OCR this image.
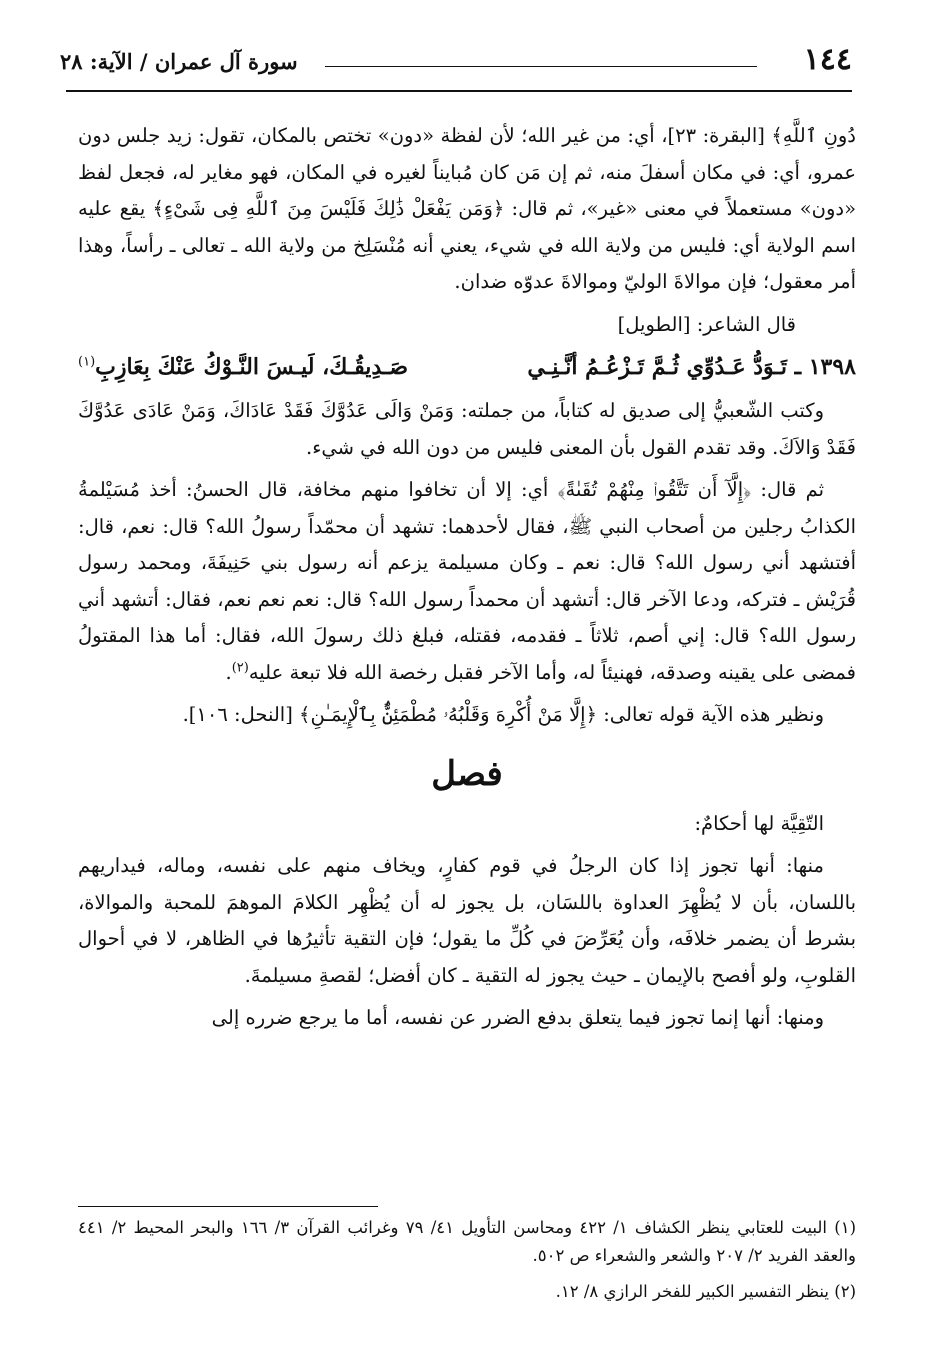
١٤٤
سورة آل عمران / الآية: ٢٨

دُونِ ٱللَّهِ﴾ [البقرة: ٢٣]، أي: من غير الله؛ لأن لفظة «دون» تختص بالمكان، تقول: زيد جلس دون عمرو، أي: في مكان أسفلَ منه، ثم إن مَن كان مُبايناً لغيره في المكان، فهو مغاير له، فجعل لفظ «دون» مستعملاً في معنى «غير»، ثم قال: ﴿وَمَن يَفْعَلْ ذَٰلِكَ فَلَيْسَ مِنَ ٱللَّهِ فِى شَىْءٍ﴾ يقع عليه اسم الولاية أي: فليس من ولاية الله في شيء، يعني أنه مُنْسَلِخ من ولاية الله ـ تعالى ـ رأساً، وهذا أمر معقول؛ فإن موالاةَ الوليّ وموالاةَ عدوّه ضدان.

قال الشاعر: [الطويل]

١٣٩٨ ـ تَـوَدُّ عَـدُوِّي ثُـمَّ تَـزْعُـمُ أنَّـنِـي
صَـدِيقُـكَ، لَيـسَ النَّـوْكُ عَنْكَ بِعَازِبِ$^{(١)}$

وكتب الشّعبيُّ إلى صديق له كتاباً، من جملته: وَمَنْ وَالَى عَدُوَّكَ فَقَدْ عَادَاكَ، وَمَنْ عَادَى عَدُوَّكَ فَقَدْ وَالاَكَ. وقد تقدم القول بأن المعنى فليس من دون الله في شيء.

ثم قال: ﴿إِلَّآ أَن تَتَّقُوا۟ مِنْهُمْ تُقَىٰةً﴾ أي: إلا أن تخافوا منهم مخافة، قال الحسنُ: أخذ مُسَيْلمةُ الكذابُ رجلين من أصحاب النبي ﷺ، فقال لأحدهما: تشهد أن محمّداً رسولُ الله؟ قال: نعم، قال: أفتشهد أني رسول الله؟ قال: نعم ـ وكان مسيلمة يزعم أنه رسول بني حَنِيفَةَ، ومحمد رسول قُرَيْش ـ فتركه، ودعا الآخر قال: أتشهد أن محمداً رسول الله؟ قال: نعم نعم نعم، فقال: أتشهد أني رسول الله؟ قال: إني أصم، ثلاثاً ـ فقدمه، فقتله، فبلغ ذلك رسولَ الله، فقال: أما هذا المقتولُ فمضى على يقينه وصدقه، فهنيئاً له، وأما الآخر فقبل رخصة الله فلا تبعة عليه$^{(٢)}$.

ونظير هذه الآية قوله تعالى: ﴿إِلَّا مَنْ أُكْرِهَ وَقَلْبُهُۥ مُطْمَئِنٌّۢ بِٱلْإِيمَـٰنِ﴾ [النحل: ١٠٦].

فصل

التّقِيَّة لها أحكامٌ:

منها: أنها تجوز إذا كان الرجلُ في قوم كفارٍ، ويخاف منهم على نفسه، وماله، فيداريهم باللسان، بأن لا يُظْهِرَ العداوة باللسَان، بل يجوز له أن يُظْهِر الكلامَ الموهمَ للمحبة والموالاة، بشرط أن يضمر خلافَه، وأن يُعَرِّضَ في كُلِّ ما يقول؛ فإن التقية تأثيرُها في الظاهر، لا في أحوال القلوبِ، ولو أفصح بالإيمان ـ حيث يجوز له التقية ـ كان أفضل؛ لقصةِ مسيلمةَ.

ومنها: أنها إنما تجوز فيما يتعلق بدفع الضرر عن نفسه، أما ما يرجع ضرره إلى

(١) البيت للعتابي ينظر الكشاف ١/ ٤٢٢ ومحاسن التأويل ٤١/ ٧٩ وغرائب القرآن ٣/ ١٦٦ والبحر المحيط ٢/ ٤٤١ والعقد الفريد ٢/ ٢٠٧ والشعر والشعراء ص ٥٠٢.

(٢) ينظر التفسير الكبير للفخر الرازي ٨/ ١٢.
